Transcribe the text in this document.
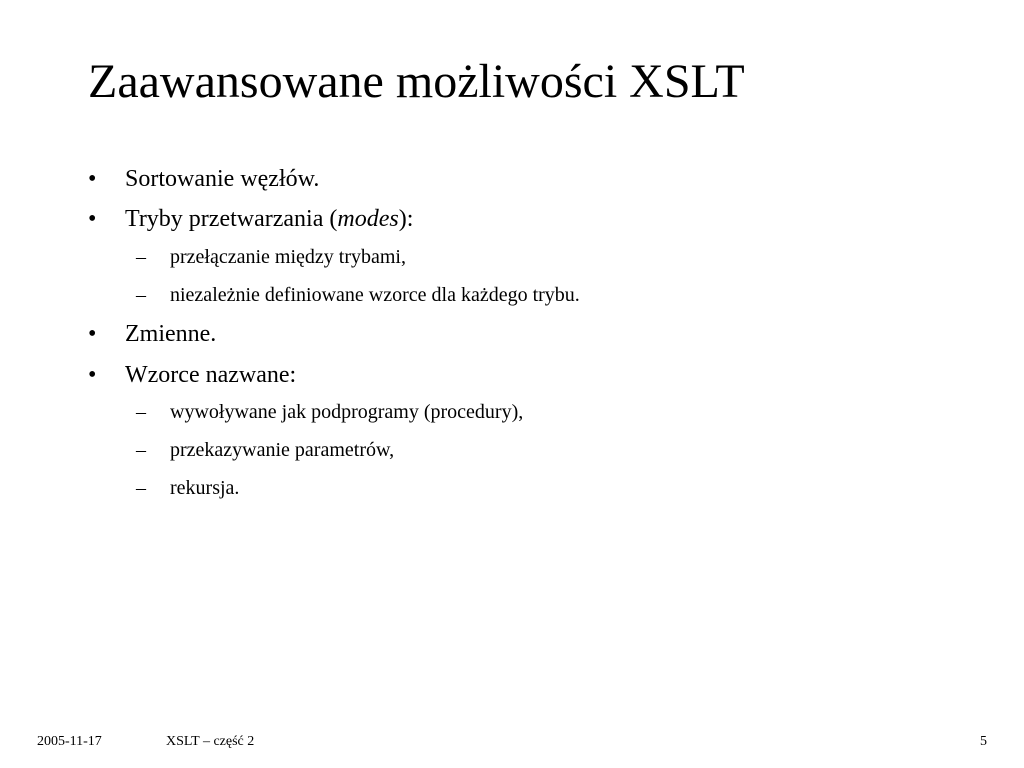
Zaawansowane możliwości XSLT
• Sortowanie węzłów.
• Tryby przetwarzania (modes):
– przełączanie między trybami,
– niezależnie definiowane wzorce dla każdego trybu.
• Zmienne.
• Wzorce nazwane:
– wywoływane jak podprogramy (procedury),
– przekazywanie parametrów,
– rekursja.
2005-11-17	XSLT – część 2	5
